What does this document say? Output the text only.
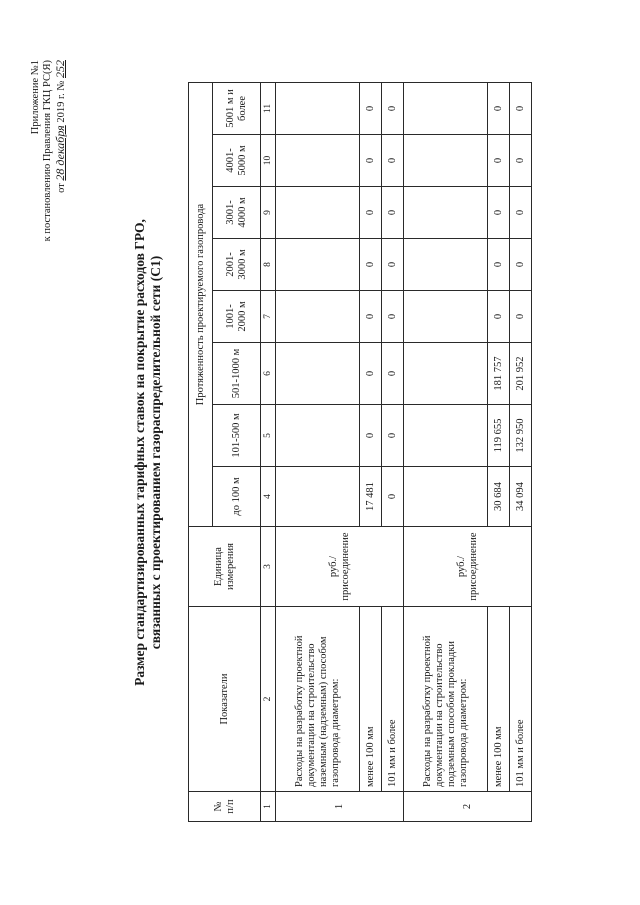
Приложение №1 к постановлению Правления ГКЦ РС(Я) от 28 декабря 2019 г. № 252
Размер стандартизированных тарифных ставок на покрытие расходов ГРО, связанных с проектированием газораспределительной сети (С1)
№ п/п	Показатели	Единица измерения	Протяженность проектируемого газопровода							
			до 100 м	101-500 м	501-1000 м	1001-2000 м	2001-3000 м	3001-4000 м	4001-5000 м	5001 м и более
1	2	3	4	5	6	7	8	9	10	11
1	Расходы на разработку проектной документации на строительство наземным (надземным) способом газопровода диаметром:	руб./ присоединение								
	менее 100 мм		17 481	0	0	0	0	0	0	0
	101 мм и более		0	0	0	0	0	0	0	0
2	Расходы на разработку проектной документации на строительство подземным способом прокладки газопровода диаметром:	руб./ присоединение								
	менее 100 мм		30 684	119 655	181 757	0	0	0	0	0
	101 мм и более		34 094	132 950	201 952	0	0	0	0	0
